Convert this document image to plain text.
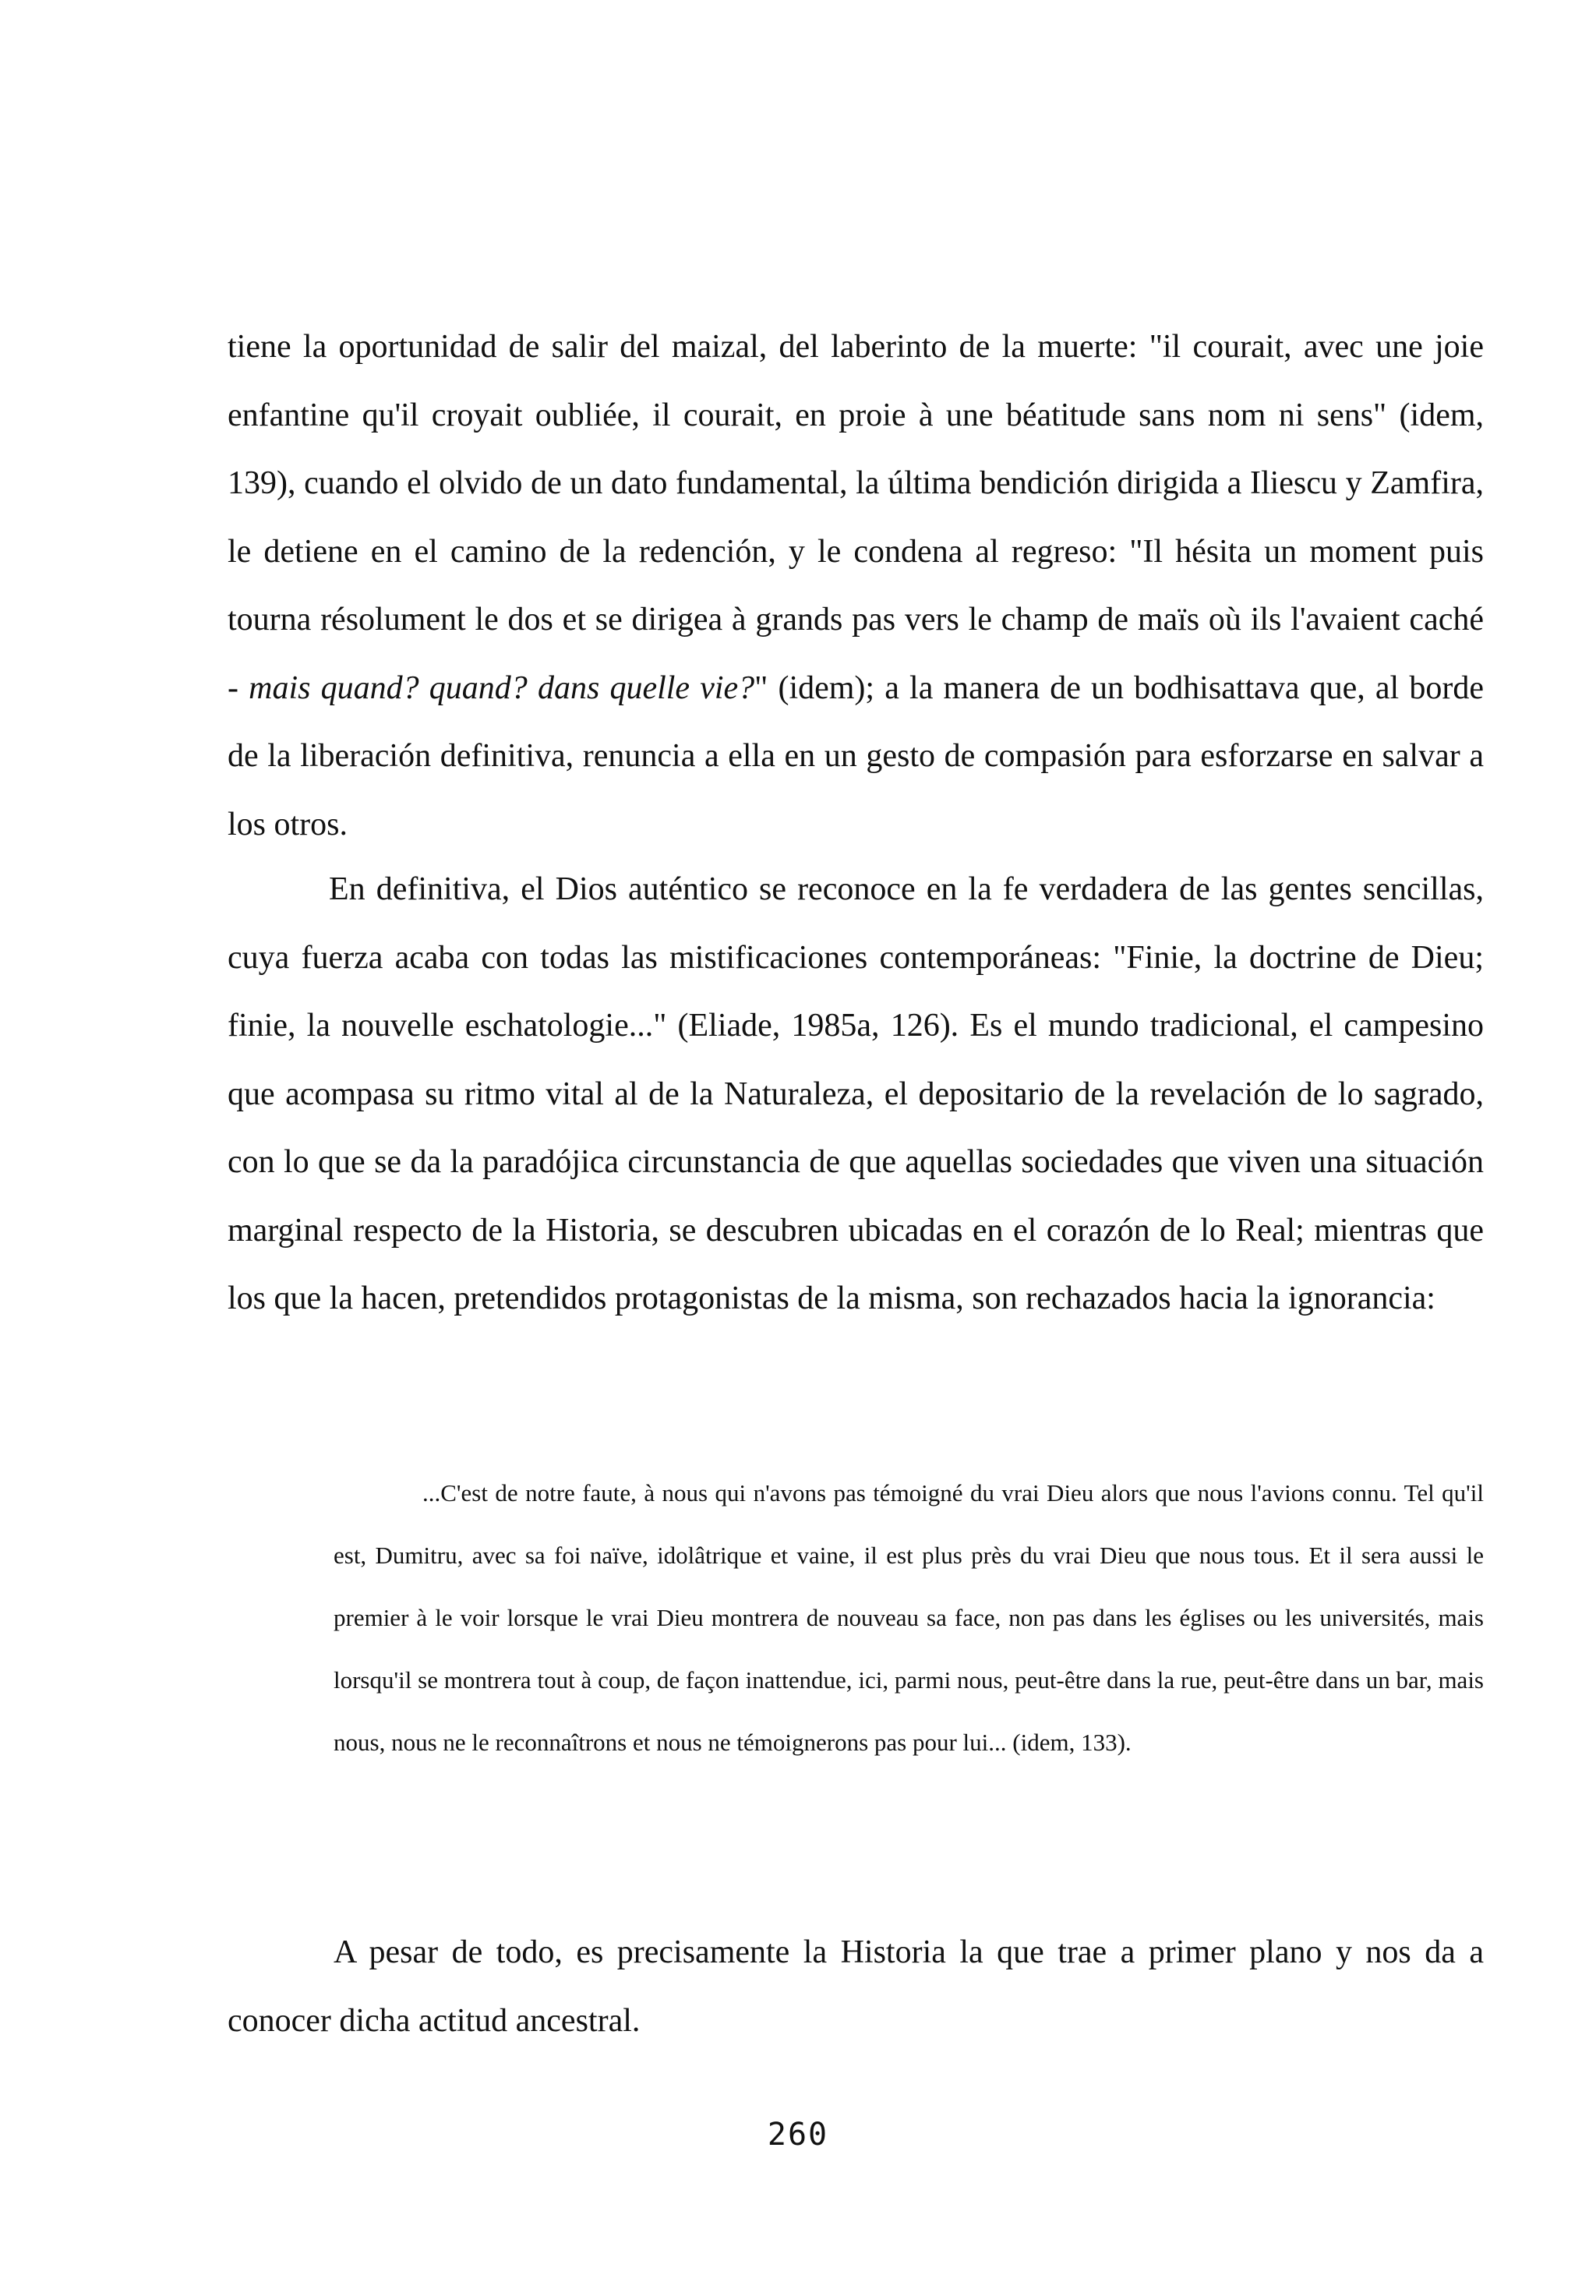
tiene la oportunidad de salir del maizal, del laberinto de la muerte: "il courait, avec une joie enfantine qu'il croyait oubliée, il courait, en proie à une béatitude sans nom ni sens" (idem, 139), cuando el olvido de un dato fundamental, la última bendición dirigida a Iliescu y Zamfira, le detiene en el camino de la redención, y le condena al regreso: "Il hésita un moment puis tourna résolument le dos et se dirigea à grands pas vers le champ de maïs où ils l'avaient caché - mais quand? quand? dans quelle vie?" (idem); a la manera de un bodhisattava que, al borde de la liberación definitiva, renuncia a ella en un gesto de compasión para esforzarse en salvar a los otros.

En definitiva, el Dios auténtico se reconoce en la fe verdadera de las gentes sencillas, cuya fuerza acaba con todas las mistificaciones contemporáneas: "Finie, la doctrine de Dieu; finie, la nouvelle eschatologie..." (Eliade, 1985a, 126). Es el mundo tradicional, el campesino que acompasa su ritmo vital al de la Naturaleza, el depositario de la revelación de lo sagrado, con lo que se da la paradójica circunstancia de que aquellas sociedades que viven una situación marginal respecto de la Historia, se descubren ubicadas en el corazón de lo Real; mientras que los que la hacen, pretendidos protagonistas de la misma, son rechazados hacia la ignorancia:

...C'est de notre faute, à nous qui n'avons pas témoigné du vrai Dieu alors que nous l'avions connu. Tel qu'il est, Dumitru, avec sa foi naïve, idolâtrique et vaine, il est plus près du vrai Dieu que nous tous. Et il sera aussi le premier à le voir lorsque le vrai Dieu montrera de nouveau sa face, non pas dans les églises ou les universités, mais lorsqu'il se montrera tout à coup, de façon inattendue, ici, parmi nous, peut-être dans la rue, peut-être dans un bar, mais nous, nous ne le reconnaîtrons et nous ne témoignerons pas pour lui... (idem, 133).

A pesar de todo, es precisamente la Historia la que trae a primer plano y nos da a conocer dicha actitud ancestral.

260
